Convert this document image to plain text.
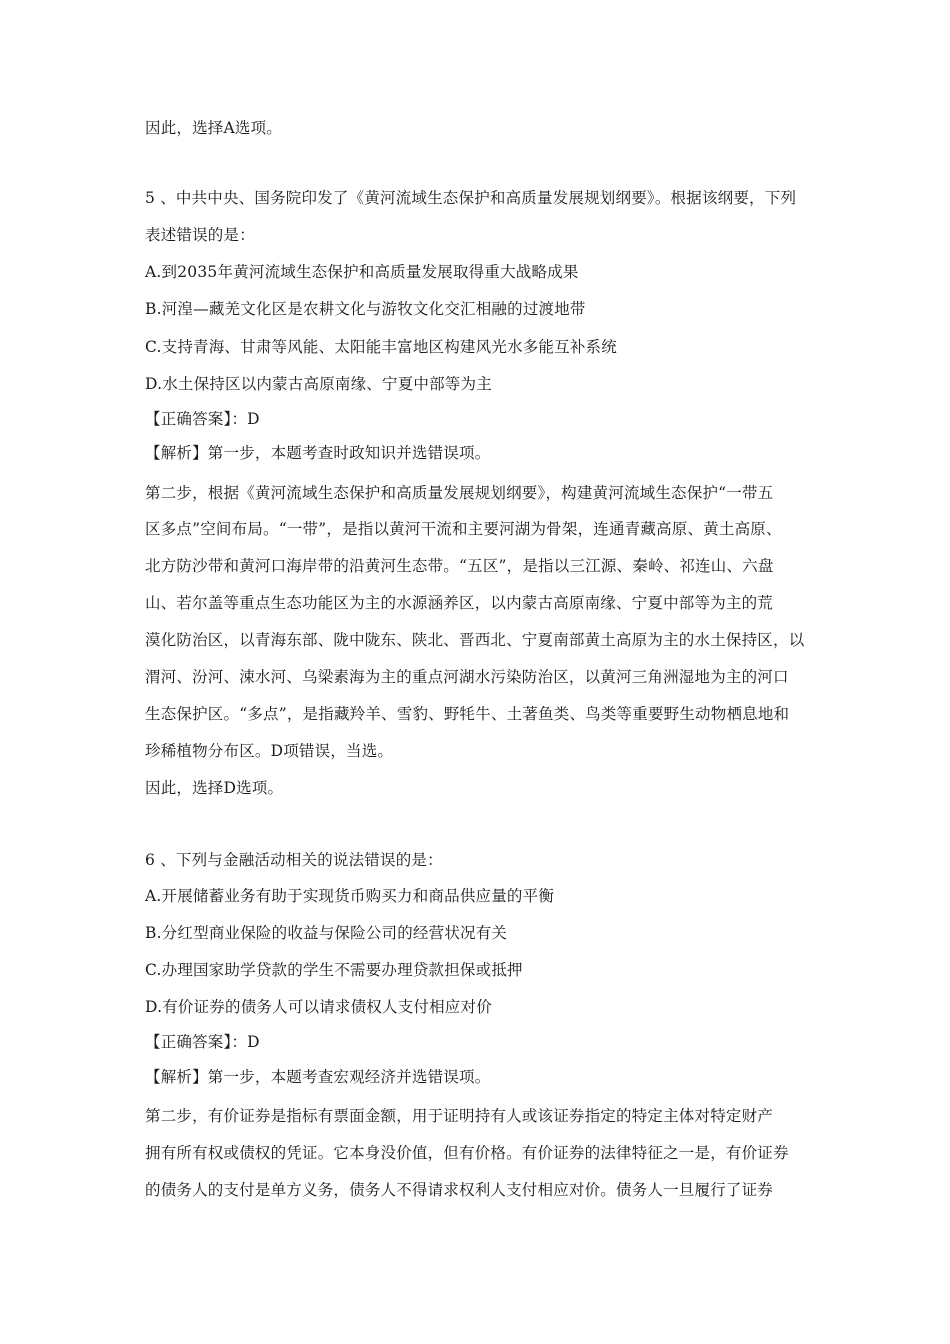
因此，选择A选项。
5 、中共中央、国务院印发了《黄河流域生态保护和高质量发展规划纲要》。根据该纲要，下列
表述错误的是：
A.到2035年黄河流域生态保护和高质量发展取得重大战略成果
B.河湟—藏羌文化区是农耕文化与游牧文化交汇相融的过渡地带
C.支持青海、甘肃等风能、太阳能丰富地区构建风光水多能互补系统
D.水土保持区以内蒙古高原南缘、宁夏中部等为主
【正确答案】：D
【解析】第一步，本题考查时政知识并选错误项。
第二步，根据《黄河流域生态保护和高质量发展规划纲要》，构建黄河流域生态保护“一带五
区多点”空间布局。“一带”，是指以黄河干流和主要河湖为骨架，连通青藏高原、黄土高原、
北方防沙带和黄河口海岸带的沿黄河生态带。“五区”，是指以三江源、秦岭、祁连山、六盘
山、若尔盖等重点生态功能区为主的水源涵养区，以内蒙古高原南缘、宁夏中部等为主的荒
漠化防治区，以青海东部、陇中陇东、陕北、晋西北、宁夏南部黄土高原为主的水土保持区，以
渭河、汾河、涑水河、乌梁素海为主的重点河湖水污染防治区，以黄河三角洲湿地为主的河口
生态保护区。“多点”，是指藏羚羊、雪豹、野牦牛、土著鱼类、鸟类等重要野生动物栖息地和
珍稀植物分布区。D项错误，当选。
因此，选择D选项。
6 、下列与金融活动相关的说法错误的是：
A.开展储蓄业务有助于实现货币购买力和商品供应量的平衡
B.分红型商业保险的收益与保险公司的经营状况有关
C.办理国家助学贷款的学生不需要办理贷款担保或抵押
D.有价证券的债务人可以请求债权人支付相应对价
【正确答案】：D
【解析】第一步，本题考查宏观经济并选错误项。
第二步，有价证券是指标有票面金额，用于证明持有人或该证券指定的特定主体对特定财产
拥有所有权或债权的凭证。它本身没价值，但有价格。有价证券的法律特征之一是，有价证券
的债务人的支付是单方义务，债务人不得请求权利人支付相应对价。债务人一旦履行了证券
